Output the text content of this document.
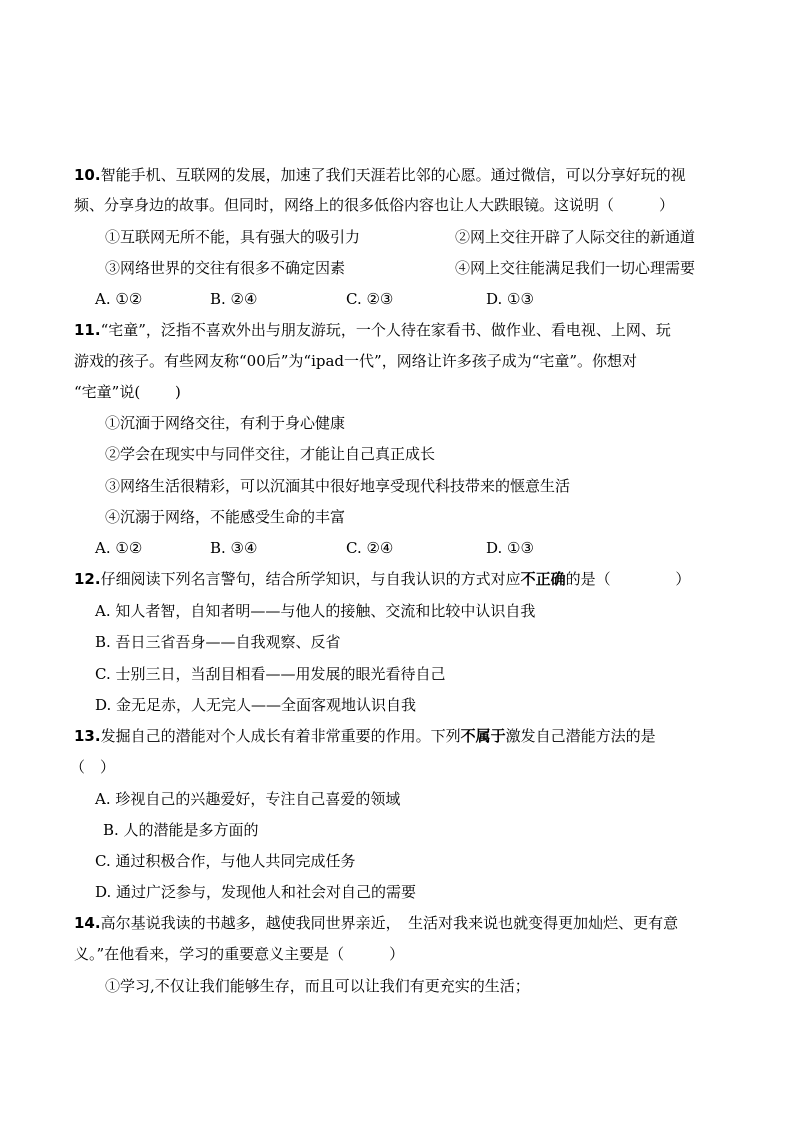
10.智能手机、互联网的发展，加速了我们天涯若比邻的心愿。通过微信，可以分享好玩的视
频、分享身边的故事。但同时，网络上的很多低俗内容也让人大跌眼镜。这说明（　　　）
①互联网无所不能，具有强大的吸引力	②网上交往开辟了人际交往的新通道
③网络世界的交往有很多不确定因素	④网上交往能满足我们一切心理需要
A. ①②	B. ②④	C. ②③	D. ①③
11.“宅童”，泛指不喜欢外出与朋友游玩，一个人待在家看书、做作业、看电视、上网、玩
游戏的孩子。有些网友称“00后”为“ipad一代”，网络让许多孩子成为“宅童”。你想对
“宅童”说(　　 )
①沉湎于网络交往，有利于身心健康
②学会在现实中与同伴交往，才能让自己真正成长
③网络生活很精彩，可以沉湎其中很好地享受现代科技带来的惬意生活
④沉溺于网络，不能感受生命的丰富
A. ①②	B. ③④	C. ②④	D. ①③
12.仔细阅读下列名言警句，结合所学知识，与自我认识的方式对应不正确的是（　　　　 ）
A. 知人者智，自知者明——与他人的接触、交流和比较中认识自我
B. 吾日三省吾身——自我观察、反省
C. 士别三日，当刮目相看——用发展的眼光看待自己
D. 金无足赤，人无完人——全面客观地认识自我
13.发掘自己的潜能对个人成长有着非常重要的作用。下列不属于激发自己潜能方法的是
（　）
A. 珍视自己的兴趣爱好，专注自己喜爱的领域
B. 人的潜能是多方面的
C. 通过积极合作，与他人共同完成任务
D. 通过广泛参与，发现他人和社会对自己的需要
14.高尔基说我读的书越多，越使我同世界亲近，　生活对我来说也就变得更加灿烂、更有意
义。”在他看来，学习的重要意义主要是（　　　）
①学习,不仅让我们能够生存，而且可以让我们有更充实的生活；
